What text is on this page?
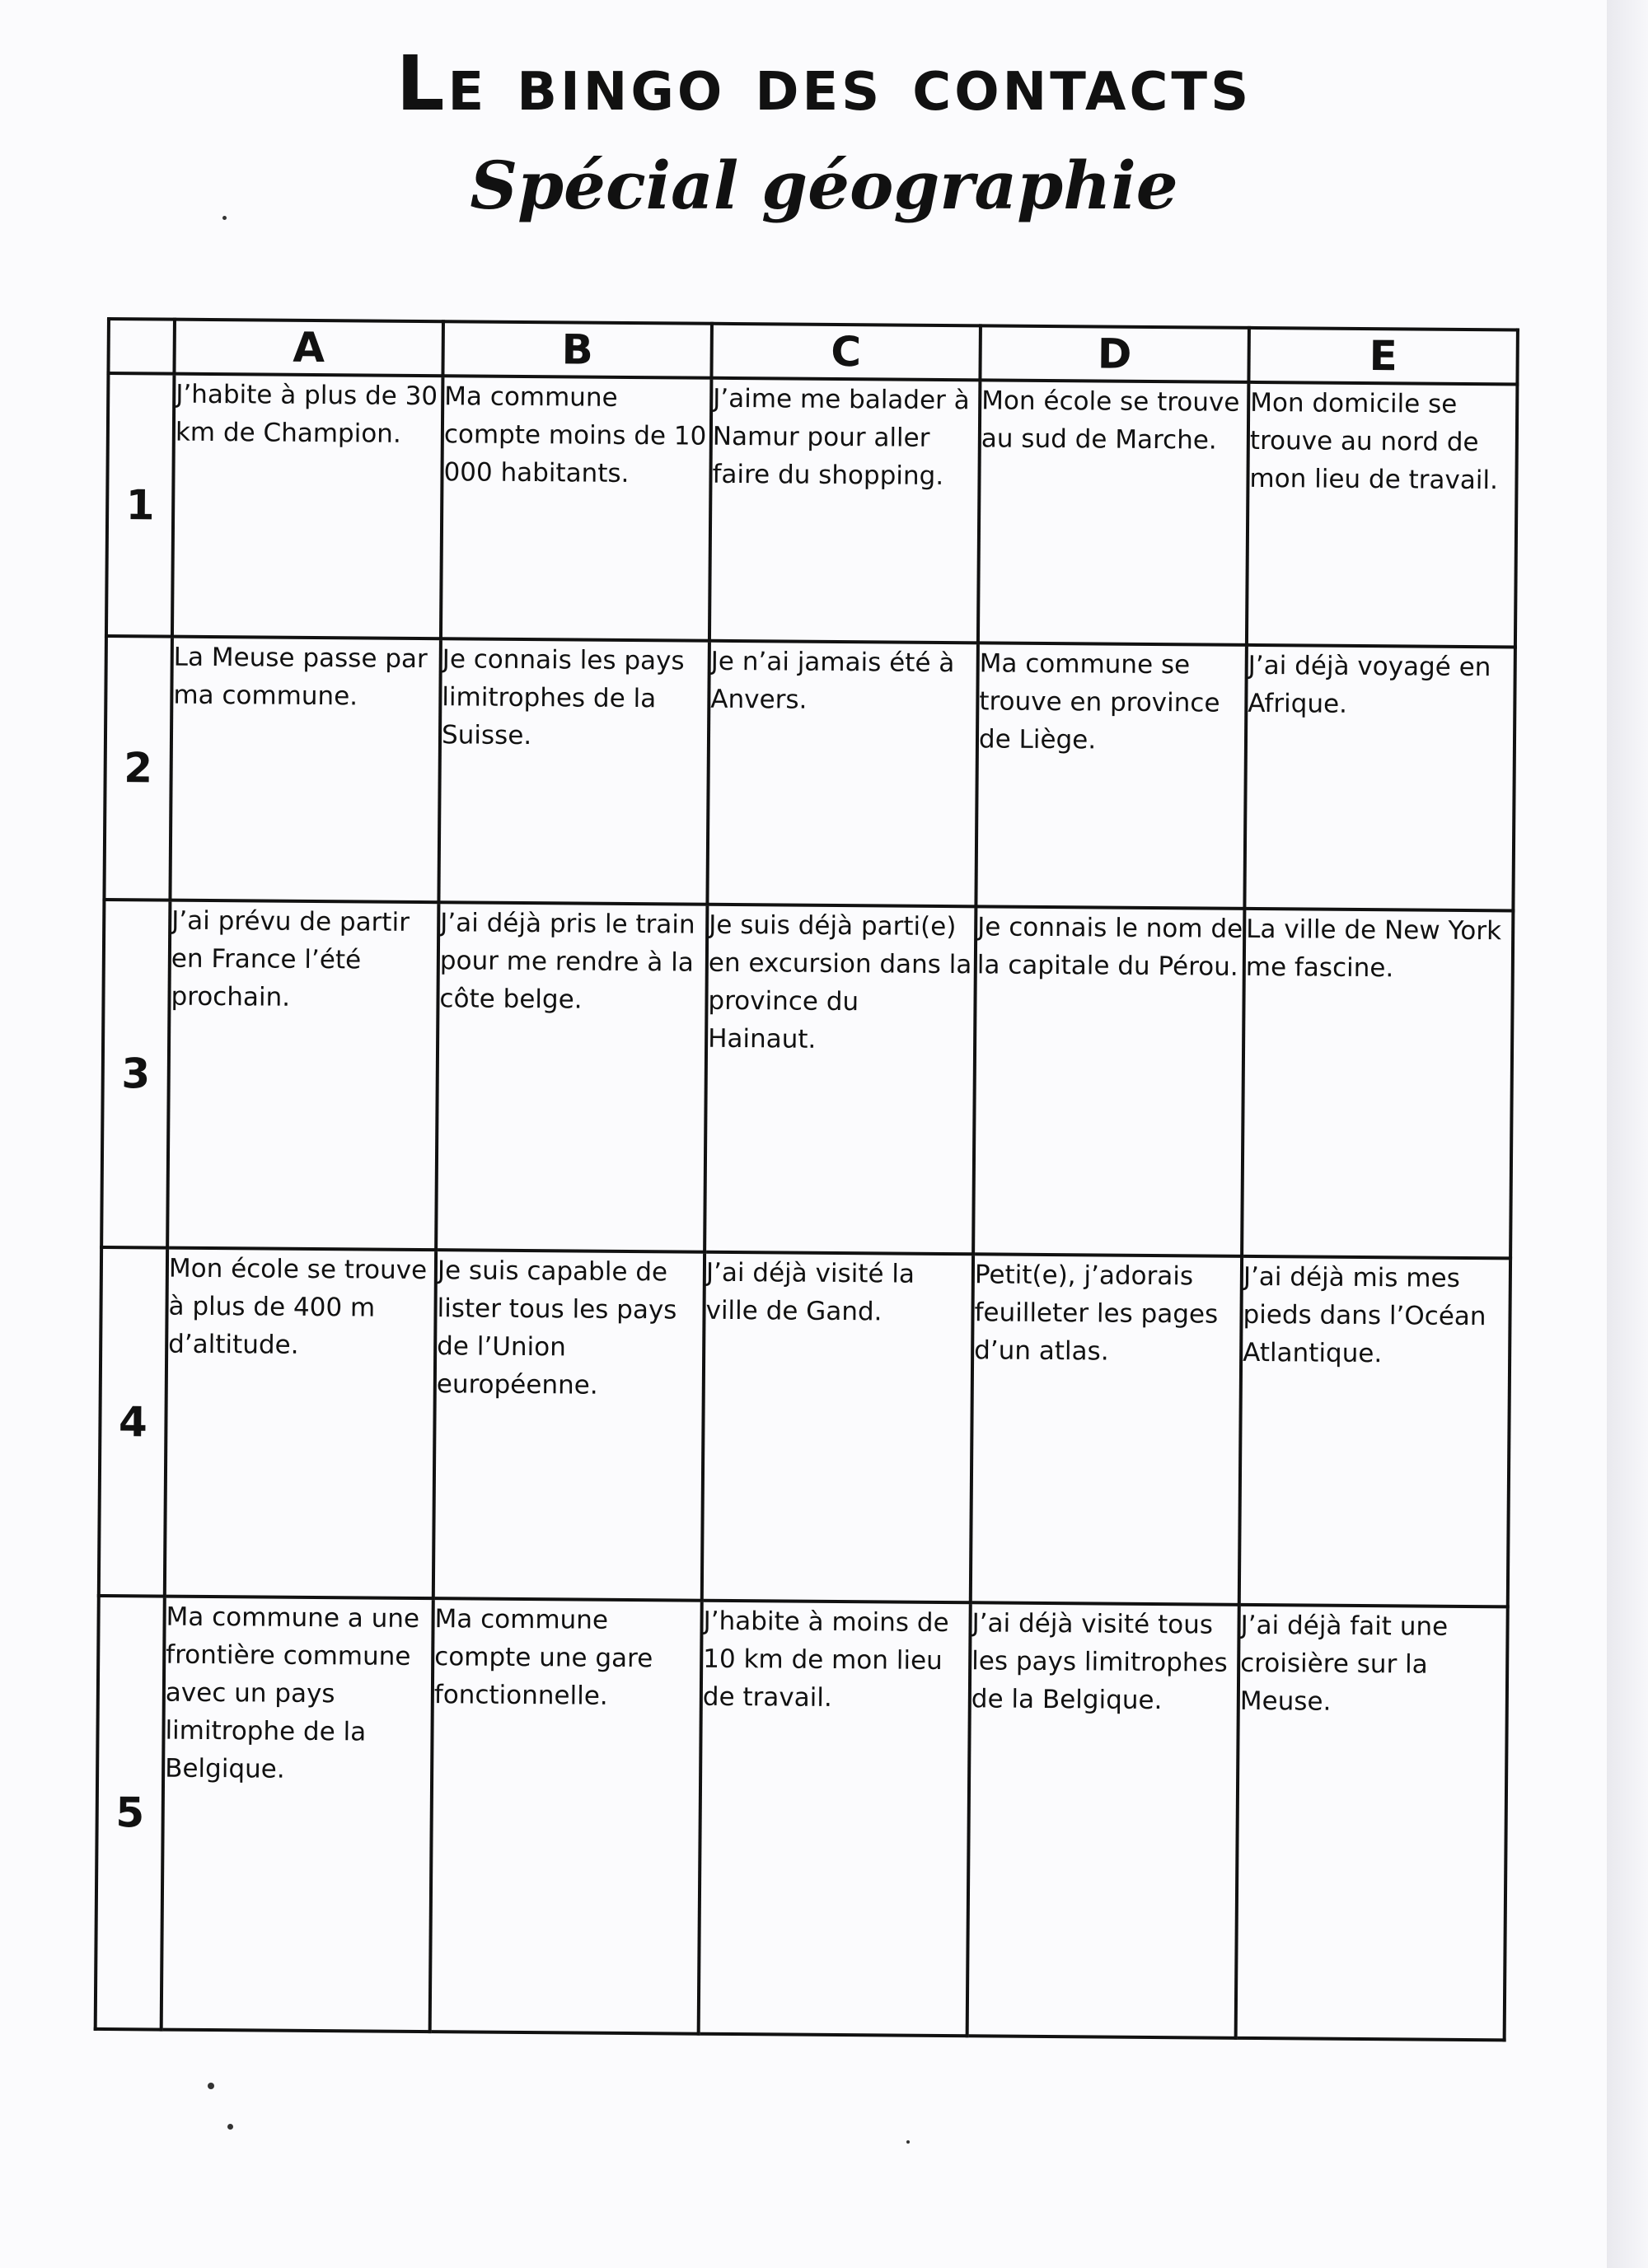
Le bingo des contacts
Spécial géographie
	A	B	C	D	E
1	J’habite à plus de 30 km de Champion.	Ma commune compte moins de 10 000 habitants.	J’aime me balader à Namur pour aller faire du shopping.	Mon école se trouve au sud de Marche.	Mon domicile se trouve au nord de mon lieu de travail.
2	La Meuse passe par ma commune.	Je connais les pays limitrophes de la Suisse.	Je n’ai jamais été à Anvers.	Ma commune se trouve en province de Liège.	J’ai déjà voyagé en Afrique.
3	J’ai prévu de partir en France l’été prochain.	J’ai déjà pris le train pour me rendre à la côte belge.	Je suis déjà parti(e) en excursion dans la province du Hainaut.	Je connais le nom de la capitale du Pérou.	La ville de New York me fascine.
4	Mon école se trouve à plus de 400 m d’altitude.	Je suis capable de lister tous les pays de l’Union européenne.	J’ai déjà visité la ville de Gand.	Petit(e), j’adorais feuilleter les pages d’un atlas.	J’ai déjà mis mes pieds dans l’Océan Atlantique.
5	Ma commune a une frontière commune avec un pays limitrophe de la Belgique.	Ma commune compte une gare fonctionnelle.	J’habite à moins de 10 km de mon lieu de travail.	J’ai déjà visité tous les pays limitrophes de la Belgique.	J’ai déjà fait une croisière sur la Meuse.
